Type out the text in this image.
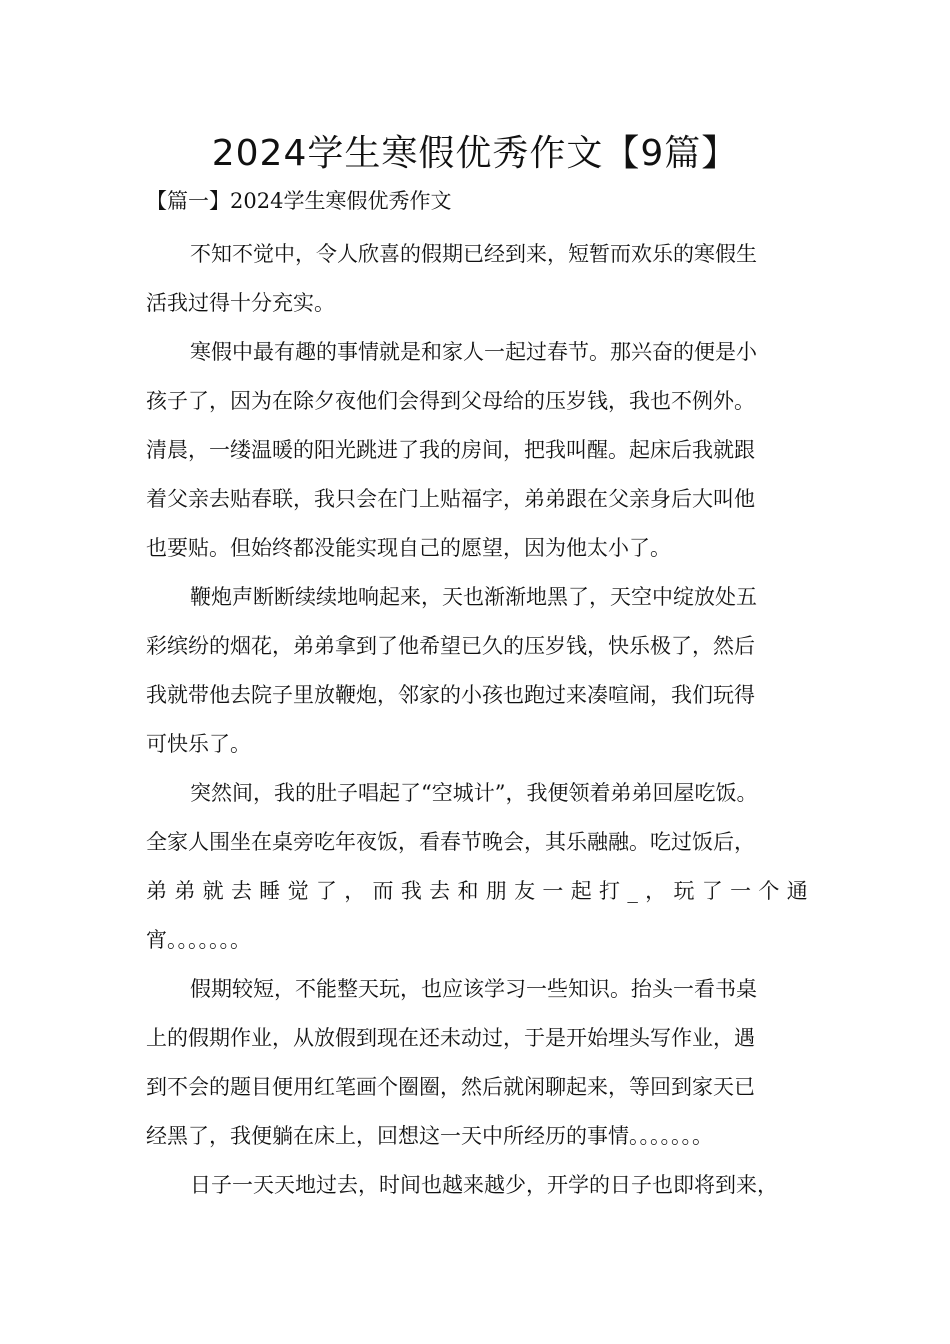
2024学生寒假优秀作文【9篇】
【篇一】2024学生寒假优秀作文

不知不觉中，令人欣喜的假期已经到来，短暂而欢乐的寒假生
活我过得十分充实。

寒假中最有趣的事情就是和家人一起过春节。那兴奋的便是小
孩子了，因为在除夕夜他们会得到父母给的压岁钱，我也不例外。
清晨，一缕温暖的阳光跳进了我的房间，把我叫醒。起床后我就跟
着父亲去贴春联，我只会在门上贴福字，弟弟跟在父亲身后大叫他
也要贴。但始终都没能实现自己的愿望，因为他太小了。

鞭炮声断断续续地响起来，天也渐渐地黑了，天空中绽放处五
彩缤纷的烟花，弟弟拿到了他希望已久的压岁钱，快乐极了，然后
我就带他去院子里放鞭炮，邻家的小孩也跑过来凑喧闹，我们玩得
可快乐了。

突然间，我的肚子唱起了“空城计”，我便领着弟弟回屋吃饭。
全家人围坐在桌旁吃年夜饭，看春节晚会，其乐融融。吃过饭后，
弟 弟 就 去 睡 觉 了 ， 而 我 去 和 朋 友 一 起 打 _ ， 玩 了 一 个 通
宵。。。。。。。

假期较短，不能整天玩，也应该学习一些知识。抬头一看书桌
上的假期作业，从放假到现在还未动过，于是开始埋头写作业，遇
到不会的题目便用红笔画个圈圈，然后就闲聊起来，等回到家天已
经黑了，我便躺在床上，回想这一天中所经历的事情。。。。。。。

日子一天天地过去，时间也越来越少，开学的日子也即将到来，
